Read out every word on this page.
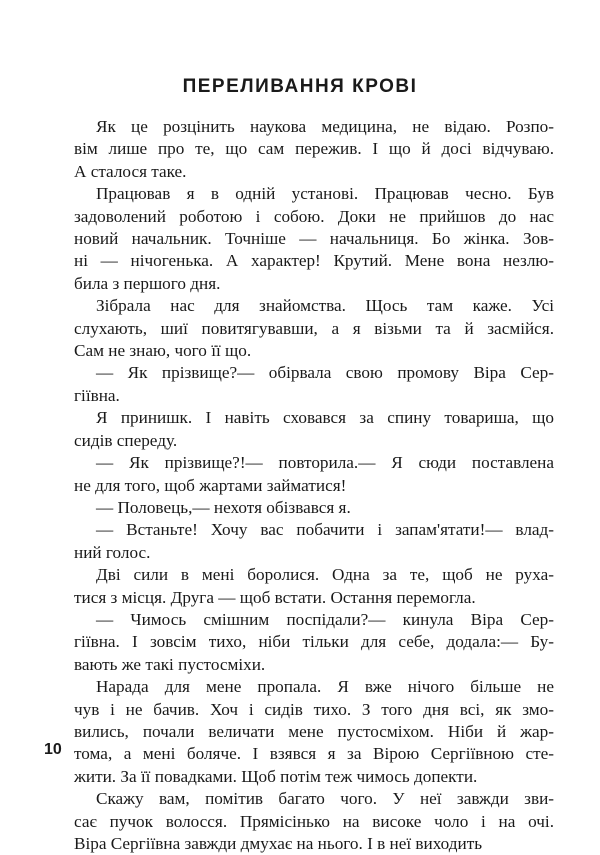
ПЕРЕЛИВАННЯ КРОВІ
Як це розцінить наукова медицина, не відаю. Розпо-
вім лише про те, що сам пережив. І що й досі відчуваю.
А сталося таке.
Працював я в одній установі. Працював чесно. Був
задоволений роботою і собою. Доки не прийшов до нас
новий начальник. Точніше — начальниця. Бо жінка. Зов-
ні — нічогенька. А характер! Крутий. Мене вона незлю-
била з першого дня.
Зібрала нас для знайомства. Щось там каже. Усі
слухають, шиї повитягувавши, а я візьми та й засмійся.
Сам не знаю, чого її що.
— Як прізвище?— обірвала свою промову Віра Сер-
гіївна.
Я принишк. І навіть сховався за спину товариша, що
сидів спереду.
— Як прізвище?!— повторила.— Я сюди поставлена
не для того, щоб жартами займатися!
— Половець,— нехотя обізвався я.
— Встаньте! Хочу вас побачити і запам'ятати!— влад-
ний голос.
Дві сили в мені боролися. Одна за те, щоб не руха-
тися з місця. Друга — щоб встати. Остання перемогла.
— Чимось смішним поспідали?— кинула Віра Сер-
гіївна. І зовсім тихо, ніби тільки для себе, додала:— Бу-
вають же такі пустосміхи.
Нарада для мене пропала. Я вже нічого більше не
чув і не бачив. Хоч і сидів тихо. З того дня всі, як змо-
вились, почали величати мене пустосміхом. Ніби й жар-
тома, а мені боляче. І взявся я за Вірою Сергіївною сте-
жити. За її повадками. Щоб потім теж чимось допекти.
Скажу вам, помітив багато чого. У неї завжди зви-
сає пучок волосся. Прямісінько на високе чоло і на очі.
Віра Сергіївна завжди дмухає на нього. І в неї виходить
10
